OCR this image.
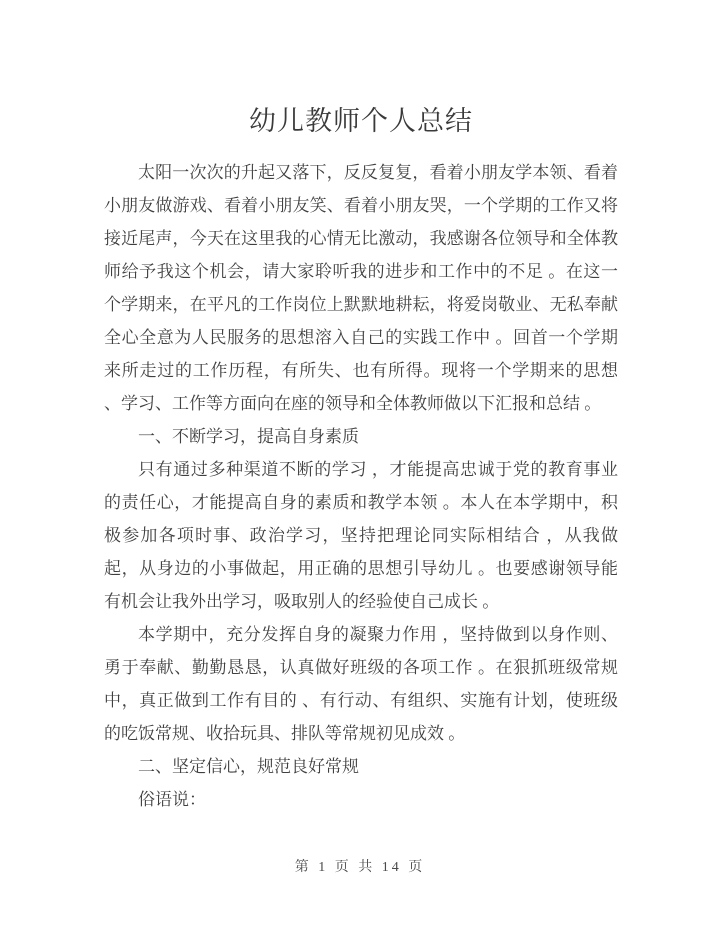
幼儿教师个人总结

太阳一次次的升起又落下，反反复复，看着小朋友学本领、看着小朋友做游戏、看着小朋友笑、看着小朋友哭，一个学期的工作又将接近尾声，今天在这里我的心情无比激动，我感谢各位领导和全体教师给予我这个机会，请大家聆听我的进步和工作中的不足 。在这一个学期来，在平凡的工作岗位上默默地耕耘，将爱岗敬业、无私奉献全心全意为人民服务的思想溶入自己的实践工作中 。回首一个学期来所走过的工作历程，有所失、也有所得。现将一个学期来的思想 、学习、工作等方面向在座的领导和全体教师做以下汇报和总结 。

一、不断学习，提高自身素质

只有通过多种渠道不断的学习 ，才能提高忠诚于党的教育事业的责任心，才能提高自身的素质和教学本领 。本人在本学期中，积极参加各项时事、政治学习，坚持把理论同实际相结合 ，从我做起，从身边的小事做起，用正确的思想引导幼儿 。也要感谢领导能有机会让我外出学习，吸取别人的经验使自己成长 。

本学期中，充分发挥自身的凝聚力作用 ，坚持做到以身作则、勇于奉献、勤勤恳恳，认真做好班级的各项工作 。在狠抓班级常规中，真正做到工作有目的 、有行动、有组织、实施有计划，使班级的吃饭常规、收拾玩具、排队等常规初见成效 。

二、坚定信心，规范良好常规

俗语说：

第 1 页 共 14 页
